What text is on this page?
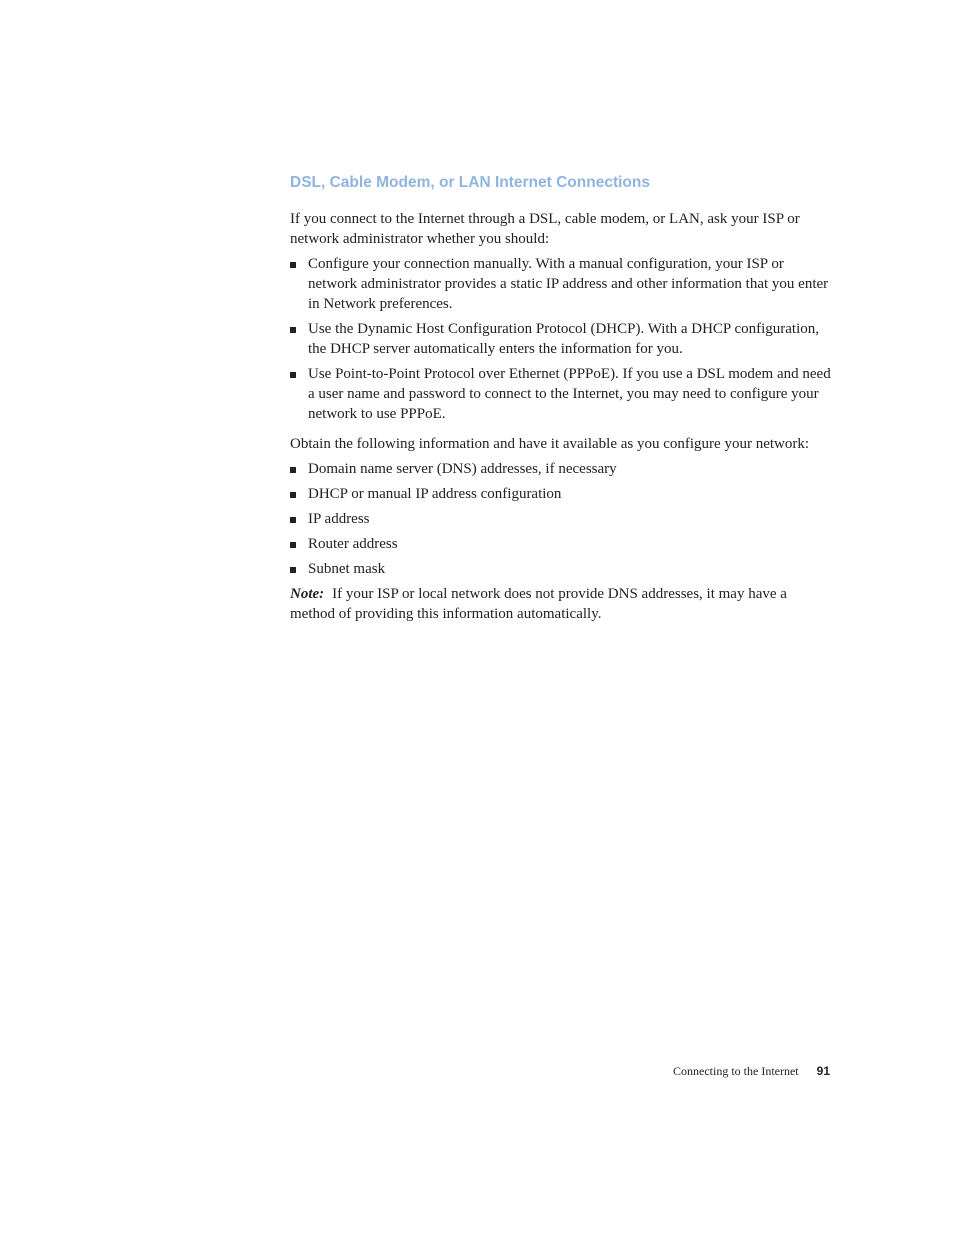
DSL, Cable Modem, or LAN Internet Connections

If you connect to the Internet through a DSL, cable modem, or LAN, ask your ISP or network administrator whether you should:

Configure your connection manually. With a manual configuration, your ISP or network administrator provides a static IP address and other information that you enter in Network preferences.
Use the Dynamic Host Configuration Protocol (DHCP). With a DHCP configuration, the DHCP server automatically enters the information for you.
Use Point-to-Point Protocol over Ethernet (PPPoE). If you use a DSL modem and need a user name and password to connect to the Internet, you may need to configure your network to use PPPoE.

Obtain the following information and have it available as you configure your network:

Domain name server (DNS) addresses, if necessary
DHCP or manual IP address configuration
IP address
Router address
Subnet mask

Note: If your ISP or local network does not provide DNS addresses, it may have a method of providing this information automatically.

Connecting to the Internet 91
